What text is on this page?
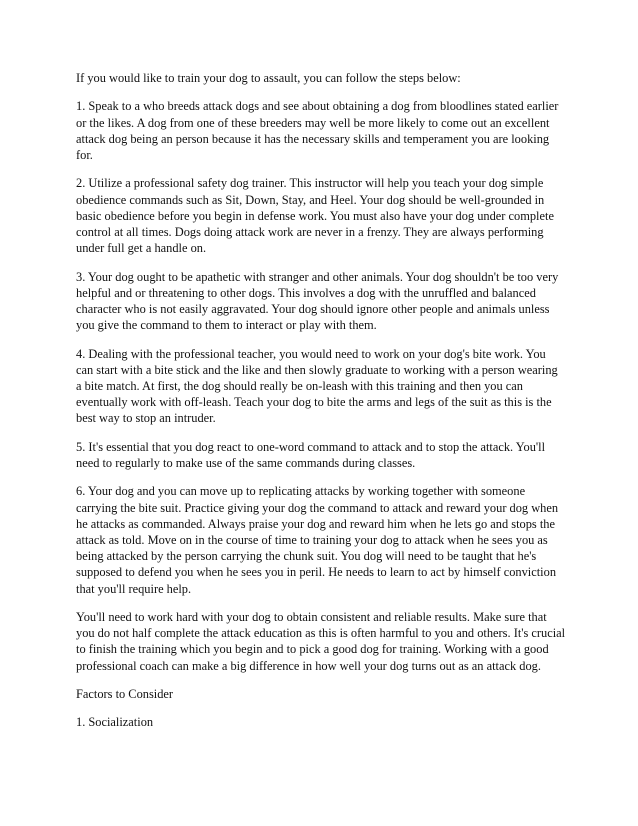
If you would like to train your dog to assault, you can follow the steps below:

1. Speak to a who breeds attack dogs and see about obtaining a dog from bloodlines stated earlier or the likes. A dog from one of these breeders may well be more likely to come out an excellent attack dog being an person because it has the necessary skills and temperament you are looking for.

2. Utilize a professional safety dog trainer. This instructor will help you teach your dog simple obedience commands such as Sit, Down, Stay, and Heel. Your dog should be well-grounded in basic obedience before you begin in defense work. You must also have your dog under complete control at all times. Dogs doing attack work are never in a frenzy. They are always performing under full get a handle on.

3. Your dog ought to be apathetic with stranger and other animals. Your dog shouldn't be too very helpful and or threatening to other dogs. This involves a dog with the unruffled and balanced character who is not easily aggravated. Your dog should ignore other people and animals unless you give the command to them to interact or play with them.

4. Dealing with the professional teacher, you would need to work on your dog's bite work. You can start with a bite stick and the like and then slowly graduate to working with a person wearing a bite match. At first, the dog should really be on-leash with this training and then you can eventually work with off-leash. Teach your dog to bite the arms and legs of the suit as this is the best way to stop an intruder.

5. It's essential that you dog react to one-word command to attack and to stop the attack. You'll need to regularly to make use of the same commands during classes.

6. Your dog and you can move up to replicating attacks by working together with someone carrying the bite suit. Practice giving your dog the command to attack and reward your dog when he attacks as commanded. Always praise your dog and reward him when he lets go and stops the attack as told. Move on in the course of time to training your dog to attack when he sees you as being attacked by the person carrying the chunk suit. You dog will need to be taught that he's supposed to defend you when he sees you in peril. He needs to learn to act by himself conviction that you'll require help.

You'll need to work hard with your dog to obtain consistent and reliable results. Make sure that you do not half complete the attack education as this is often harmful to you and others. It's crucial to finish the training which you begin and to pick a good dog for training. Working with a good professional coach can make a big difference in how well your dog turns out as an attack dog.

Factors to Consider

1. Socialization
